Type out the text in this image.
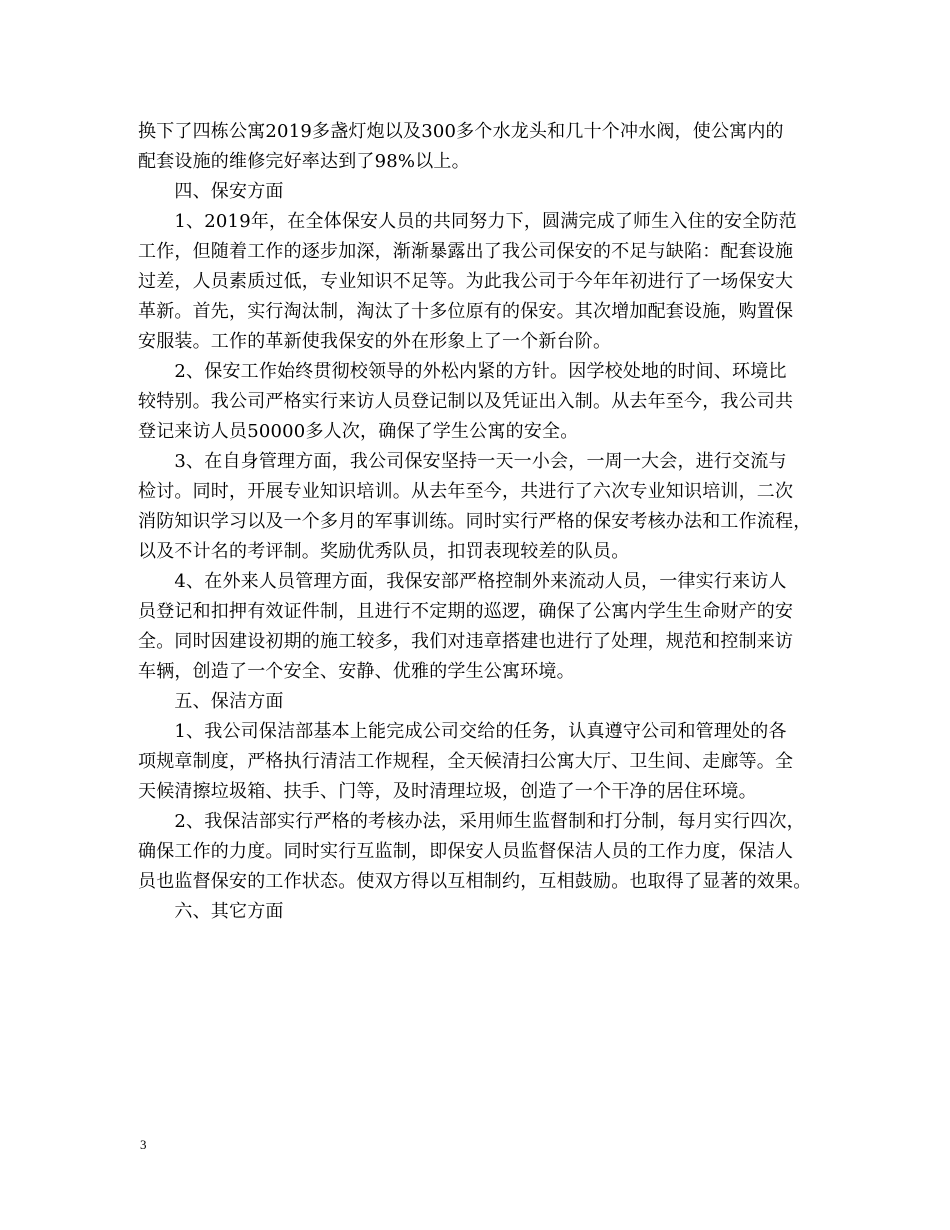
换下了四栋公寓2019多盏灯炮以及300多个水龙头和几十个冲水阀，使公寓内的
配套设施的维修完好率达到了98%以上。
　　四、保安方面
　　1、2019年，在全体保安人员的共同努力下，圆满完成了师生入住的安全防范
工作，但随着工作的逐步加深，渐渐暴露出了我公司保安的不足与缺陷：配套设施
过差，人员素质过低，专业知识不足等。为此我公司于今年年初进行了一场保安大
革新。首先，实行淘汰制，淘汰了十多位原有的保安。其次增加配套设施，购置保
安服装。工作的革新使我保安的外在形象上了一个新台阶。
　　2、保安工作始终贯彻校领导的外松内紧的方针。因学校处地的时间、环境比
较特别。我公司严格实行来访人员登记制以及凭证出入制。从去年至今，我公司共
登记来访人员50000多人次，确保了学生公寓的安全。
　　3、在自身管理方面，我公司保安坚持一天一小会，一周一大会，进行交流与
检讨。同时，开展专业知识培训。从去年至今，共进行了六次专业知识培训，二次
消防知识学习以及一个多月的军事训练。同时实行严格的保安考核办法和工作流程，
以及不计名的考评制。奖励优秀队员，扣罚表现较差的队员。
　　4、在外来人员管理方面，我保安部严格控制外来流动人员，一律实行来访人
员登记和扣押有效证件制，且进行不定期的巡逻，确保了公寓内学生生命财产的安
全。同时因建设初期的施工较多，我们对违章搭建也进行了处理，规范和控制来访
车辆，创造了一个安全、安静、优雅的学生公寓环境。
　　五、保洁方面
　　1、我公司保洁部基本上能完成公司交给的任务，认真遵守公司和管理处的各
项规章制度，严格执行清洁工作规程，全天候清扫公寓大厅、卫生间、走廊等。全
天候清擦垃圾箱、扶手、门等，及时清理垃圾，创造了一个干净的居住环境。
　　2、我保洁部实行严格的考核办法，采用师生监督制和打分制，每月实行四次，
确保工作的力度。同时实行互监制，即保安人员监督保洁人员的工作力度，保洁人
员也监督保安的工作状态。使双方得以互相制约，互相鼓励。也取得了显著的效果。
　　六、其它方面
3
